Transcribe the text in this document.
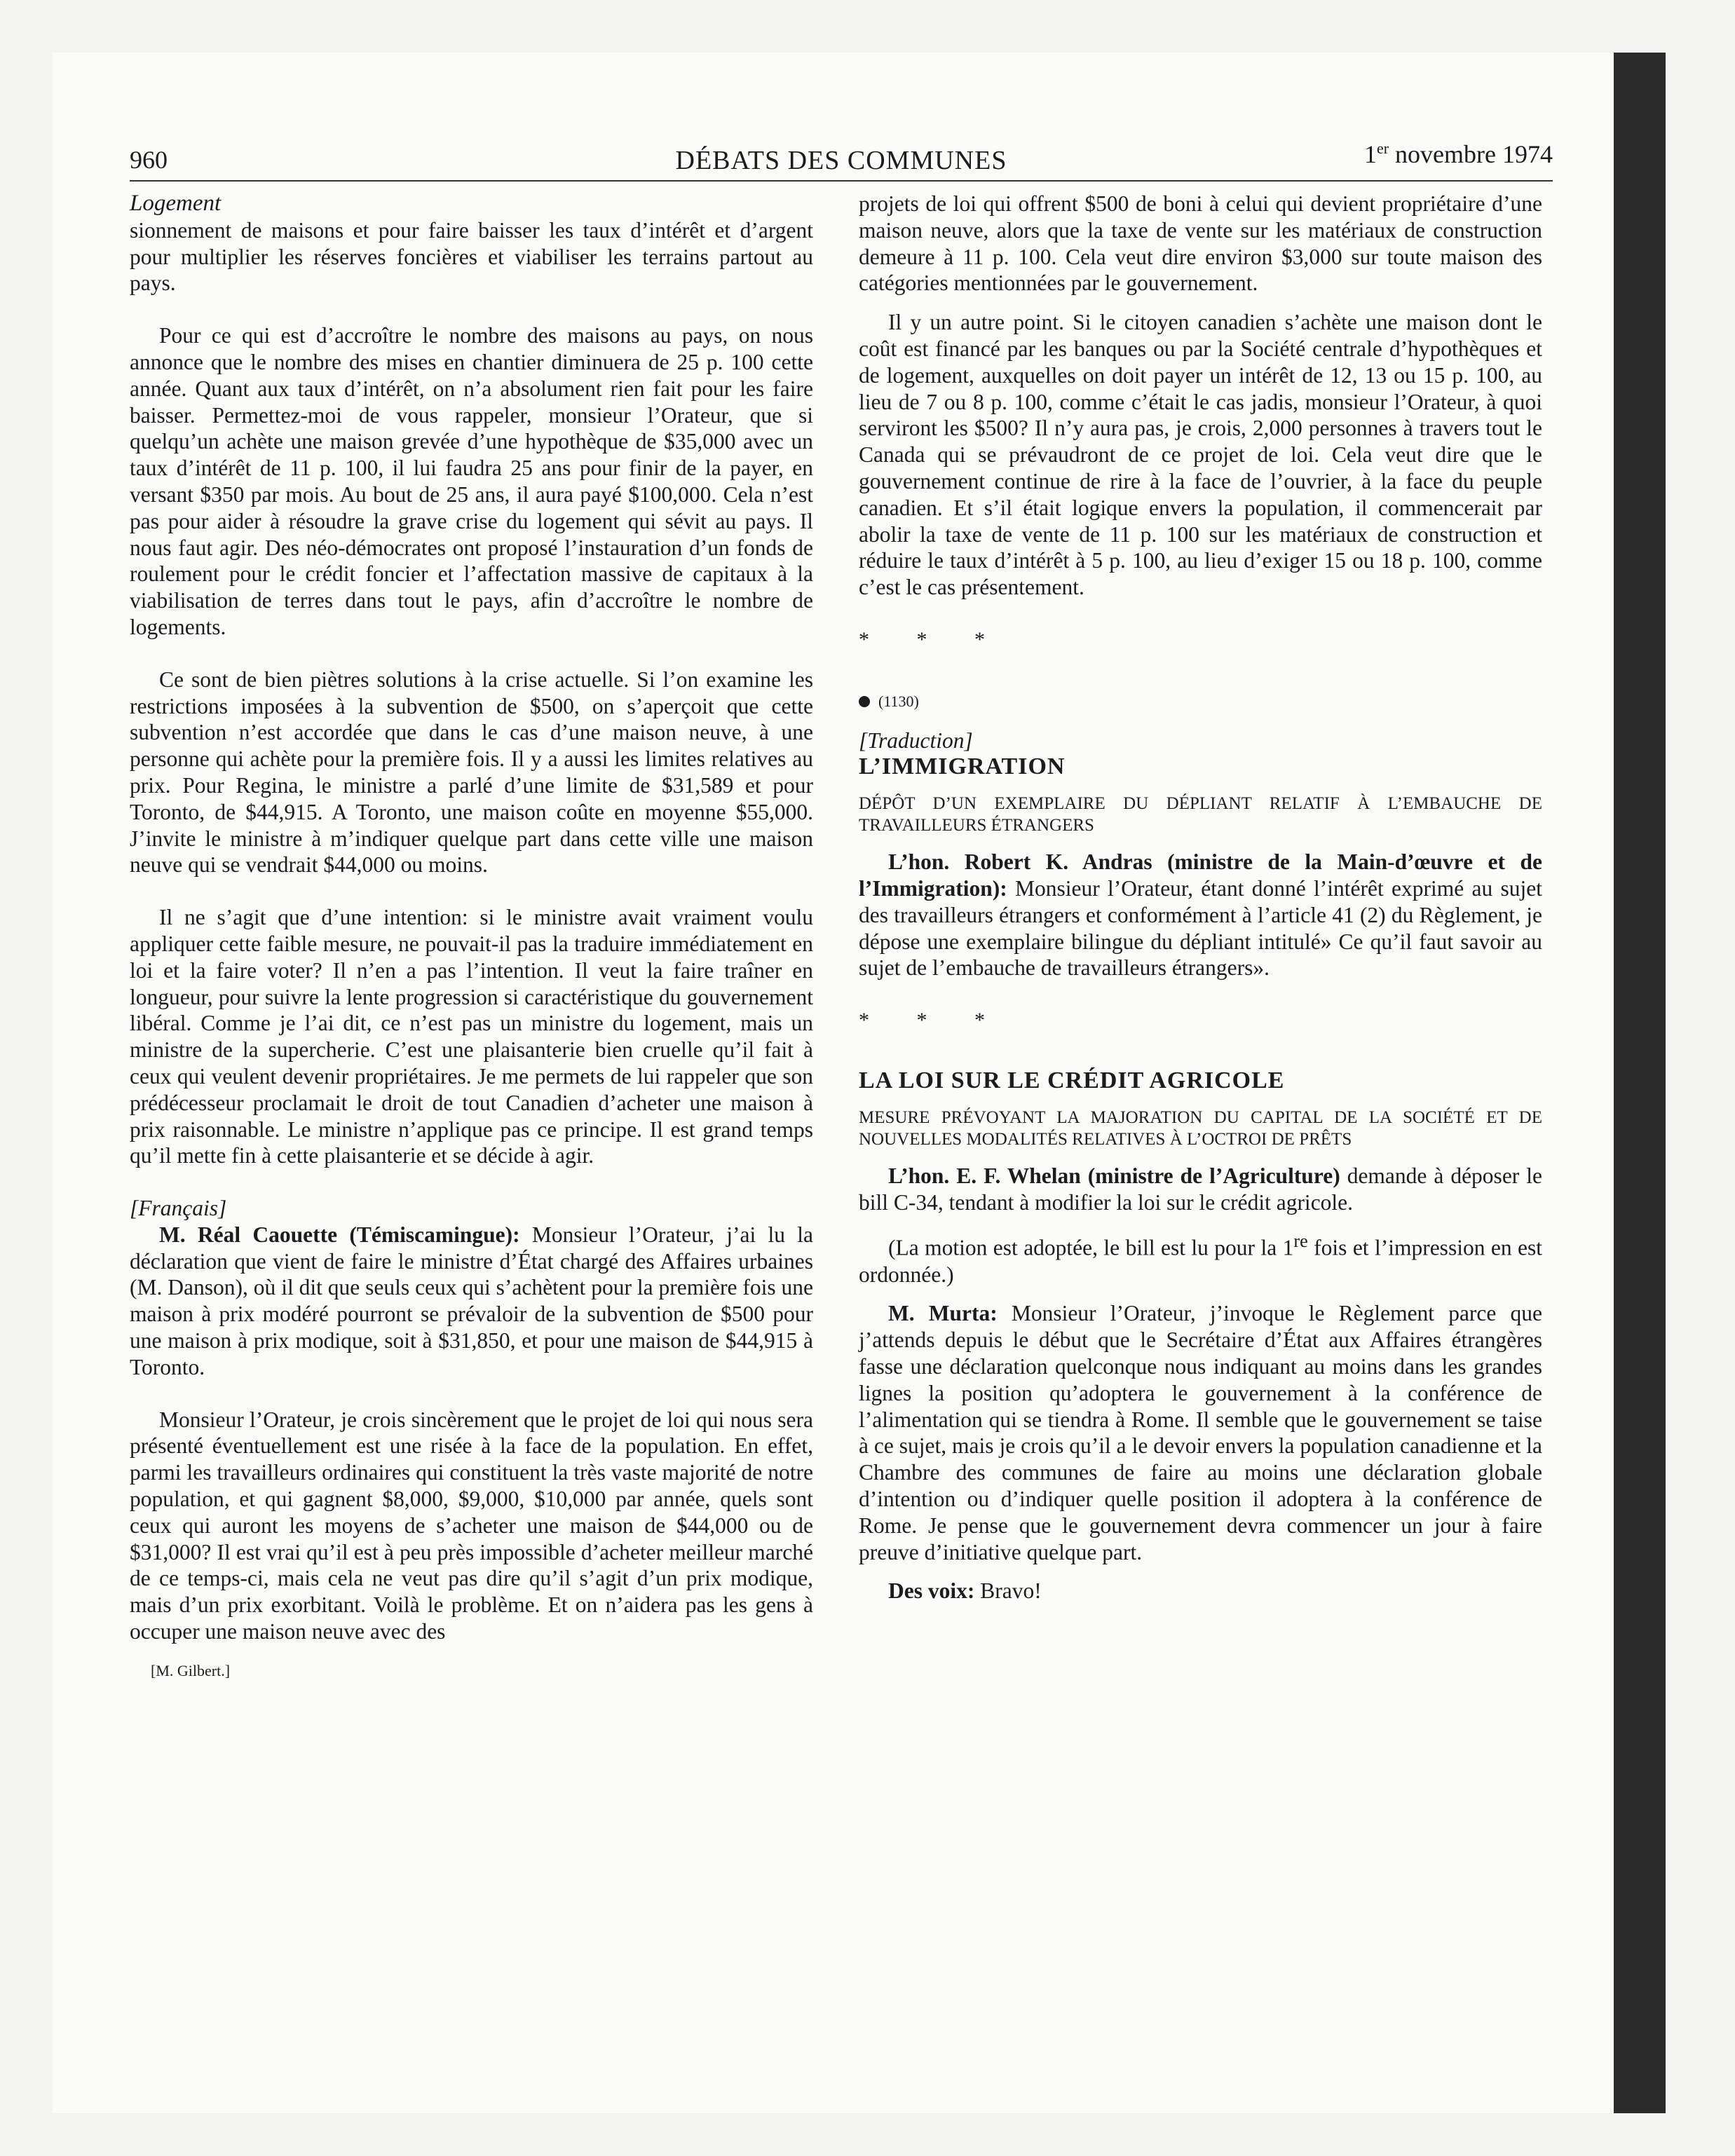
960	DÉBATS DES COMMUNES	1er novembre 1974

Logement

sionnement de maisons et pour faire baisser les taux d’intérêt et d’argent pour multiplier les réserves foncières et viabiliser les terrains partout au pays.

Pour ce qui est d’accroître le nombre des maisons au pays, on nous annonce que le nombre des mises en chantier diminuera de 25 p. 100 cette année. Quant aux taux d’intérêt, on n’a absolument rien fait pour les faire baisser. Permettez-moi de vous rappeler, monsieur l’Orateur, que si quelqu’un achète une maison grevée d’une hypothèque de $35,000 avec un taux d’intérêt de 11 p. 100, il lui faudra 25 ans pour finir de la payer, en versant $350 par mois. Au bout de 25 ans, il aura payé $100,000. Cela n’est pas pour aider à résoudre la grave crise du logement qui sévit au pays. Il nous faut agir. Des néo-démocrates ont proposé l’instauration d’un fonds de roulement pour le crédit foncier et l’affectation massive de capitaux à la viabilisation de terres dans tout le pays, afin d’accroître le nombre de logements.

Ce sont de bien piètres solutions à la crise actuelle. Si l’on examine les restrictions imposées à la subvention de $500, on s’aperçoit que cette subvention n’est accordée que dans le cas d’une maison neuve, à une personne qui achète pour la première fois. Il y a aussi les limites relatives au prix. Pour Regina, le ministre a parlé d’une limite de $31,589 et pour Toronto, de $44,915. A Toronto, une maison coûte en moyenne $55,000. J’invite le ministre à m’indiquer quelque part dans cette ville une maison neuve qui se vendrait $44,000 ou moins.

Il ne s’agit que d’une intention: si le ministre avait vraiment voulu appliquer cette faible mesure, ne pouvait-il pas la traduire immédiatement en loi et la faire voter? Il n’en a pas l’intention. Il veut la faire traîner en longueur, pour suivre la lente progression si caractéristique du gouvernement libéral. Comme je l’ai dit, ce n’est pas un ministre du logement, mais un ministre de la supercherie. C’est une plaisanterie bien cruelle qu’il fait à ceux qui veulent devenir propriétaires. Je me permets de lui rappeler que son prédécesseur proclamait le droit de tout Canadien d’acheter une maison à prix raisonnable. Le ministre n’applique pas ce principe. Il est grand temps qu’il mette fin à cette plaisanterie et se décide à agir.

[Français]

M. Réal Caouette (Témiscamingue): Monsieur l’Orateur, j’ai lu la déclaration que vient de faire le ministre d’État chargé des Affaires urbaines (M. Danson), où il dit que seuls ceux qui s’achètent pour la première fois une maison à prix modéré pourront se prévaloir de la subvention de $500 pour une maison à prix modique, soit à $31,850, et pour une maison de $44,915 à Toronto.

Monsieur l’Orateur, je crois sincèrement que le projet de loi qui nous sera présenté éventuellement est une risée à la face de la population. En effet, parmi les travailleurs ordinaires qui constituent la très vaste majorité de notre population, et qui gagnent $8,000, $9,000, $10,000 par année, quels sont ceux qui auront les moyens de s’acheter une maison de $44,000 ou de $31,000? Il est vrai qu’il est à peu près impossible d’acheter meilleur marché de ce temps-ci, mais cela ne veut pas dire qu’il s’agit d’un prix modique, mais d’un prix exorbitant. Voilà le problème. Et on n’aidera pas les gens à occuper une maison neuve avec des

[M. Gilbert.]

projets de loi qui offrent $500 de boni à celui qui devient propriétaire d’une maison neuve, alors que la taxe de vente sur les matériaux de construction demeure à 11 p. 100. Cela veut dire environ $3,000 sur toute maison des catégories mentionnées par le gouvernement.

Il y un autre point. Si le citoyen canadien s’achète une maison dont le coût est financé par les banques ou par la Société centrale d’hypothèques et de logement, auxquelles on doit payer un intérêt de 12, 13 ou 15 p. 100, au lieu de 7 ou 8 p. 100, comme c’était le cas jadis, monsieur l’Orateur, à quoi serviront les $500? Il n’y aura pas, je crois, 2,000 personnes à travers tout le Canada qui se prévaudront de ce projet de loi. Cela veut dire que le gouvernement continue de rire à la face de l’ouvrier, à la face du peuple canadien. Et s’il était logique envers la population, il commencerait par abolir la taxe de vente de 11 p. 100 sur les matériaux de construction et réduire le taux d’intérêt à 5 p. 100, au lieu d’exiger 15 ou 18 p. 100, comme c’est le cas présentement.

* * *

(1130)

[Traduction]

L’IMMIGRATION

DÉPÔT D’UN EXEMPLAIRE DU DÉPLIANT RELATIF À L’EMBAUCHE DE TRAVAILLEURS ÉTRANGERS

L’hon. Robert K. Andras (ministre de la Main-d’œuvre et de l’Immigration): Monsieur l’Orateur, étant donné l’intérêt exprimé au sujet des travailleurs étrangers et conformément à l’article 41 (2) du Règlement, je dépose une exemplaire bilingue du dépliant intitulé» Ce qu’il faut savoir au sujet de l’embauche de travailleurs étrangers».

* * *

LA LOI SUR LE CRÉDIT AGRICOLE

MESURE PRÉVOYANT LA MAJORATION DU CAPITAL DE LA SOCIÉTÉ ET DE NOUVELLES MODALITÉS RELATIVES À L’OCTROI DE PRÊTS

L’hon. E. F. Whelan (ministre de l’Agriculture) demande à déposer le bill C-34, tendant à modifier la loi sur le crédit agricole.

(La motion est adoptée, le bill est lu pour la 1re fois et l’impression en est ordonnée.)

M. Murta: Monsieur l’Orateur, j’invoque le Règlement parce que j’attends depuis le début que le Secrétaire d’État aux Affaires étrangères fasse une déclaration quelconque nous indiquant au moins dans les grandes lignes la position qu’adoptera le gouvernement à la conférence de l’alimentation qui se tiendra à Rome. Il semble que le gouvernement se taise à ce sujet, mais je crois qu’il a le devoir envers la population canadienne et la Chambre des communes de faire au moins une déclaration globale d’intention ou d’indiquer quelle position il adoptera à la conférence de Rome. Je pense que le gouvernement devra commencer un jour à faire preuve d’initiative quelque part.

Des voix: Bravo!
